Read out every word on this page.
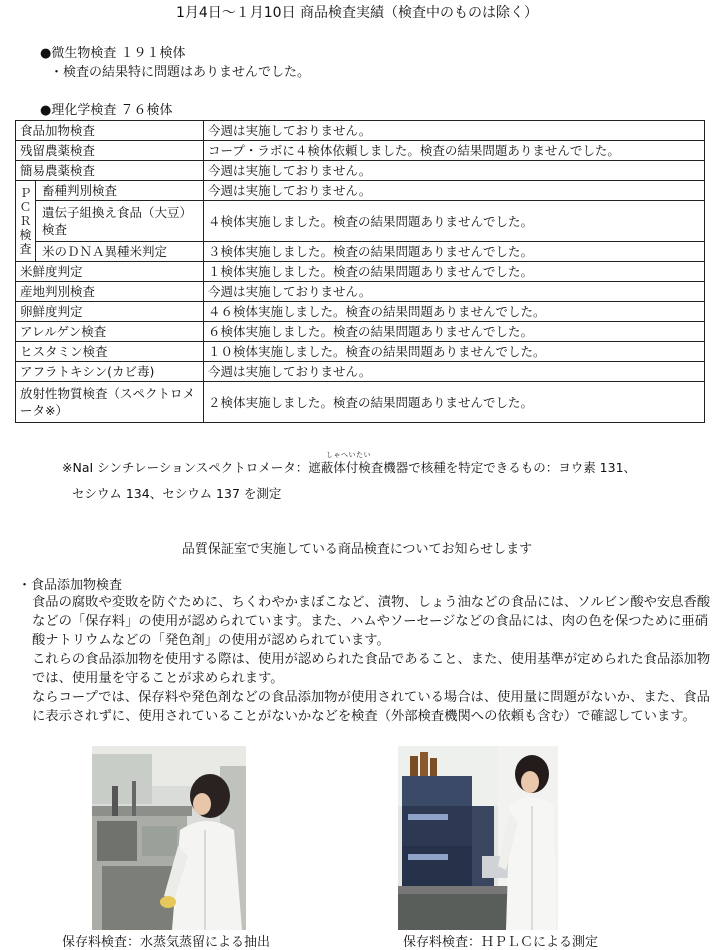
1月4日〜１月10日 商品検査実績（検査中のものは除く）
●微生物検査 １９１検体
・検査の結果特に問題はありませんでした。
●理化学検査 ７６検体
食品加物検査		今週は実施しておりません。
残留農薬検査		コープ・ラボに４検体依頼しました。検査の結果問題ありませんでした。
簡易農薬検査		今週は実施しておりません。
ＰＣＲ検査	畜種判別検査	今週は実施しておりません。
	遺伝子組換え食品（大豆）検査	４検体実施しました。検査の結果問題ありませんでした。
	米のＤＮＡ異種米判定	３検体実施しました。検査の結果問題ありませんでした。
米鮮度判定		１検体実施しました。検査の結果問題ありませんでした。
産地判別検査		今週は実施しておりません。
卵鮮度判定		４６検体実施しました。検査の結果問題ありませんでした。
アレルゲン検査		６検体実施しました。検査の結果問題ありませんでした。
ヒスタミン検査		１０検体実施しました。検査の結果問題ありませんでした。
アフラトキシン(カビ毒)		今週は実施しておりません。
放射性物質検査（スペクトロメータ※）		２検体実施しました。検査の結果問題ありませんでした。
しゃへいたい
※NaI シンチレーションスペクトロメータ：遮蔽体付検査機器で核種を特定できるもの：ヨウ素 131、
セシウム 134、セシウム 137 を測定
品質保証室で実施している商品検査についてお知らせします
・食品添加物検査
食品の腐敗や変敗を防ぐために、ちくわやかまぼこなど、漬物、しょう油などの食品には、ソルビン酸や安息香酸などの「保存料」の使用が認められています。また、ハムやソーセージなどの食品には、肉の色を保つために亜硝酸ナトリウムなどの「発色剤」の使用が認められています。
これらの食品添加物を使用する際は、使用が認められた食品であること、また、使用基準が定められた食品添加物では、使用量を守ることが求められます。
ならコープでは、保存料や発色剤などの食品添加物が使用されている場合は、使用量に問題がないか、また、食品に表示されずに、使用されていることがないかなどを検査（外部検査機関への依頼も含む）で確認しています。
保存料検査：水蒸気蒸留による抽出	保存料検査：ＨＰＬＣによる測定
